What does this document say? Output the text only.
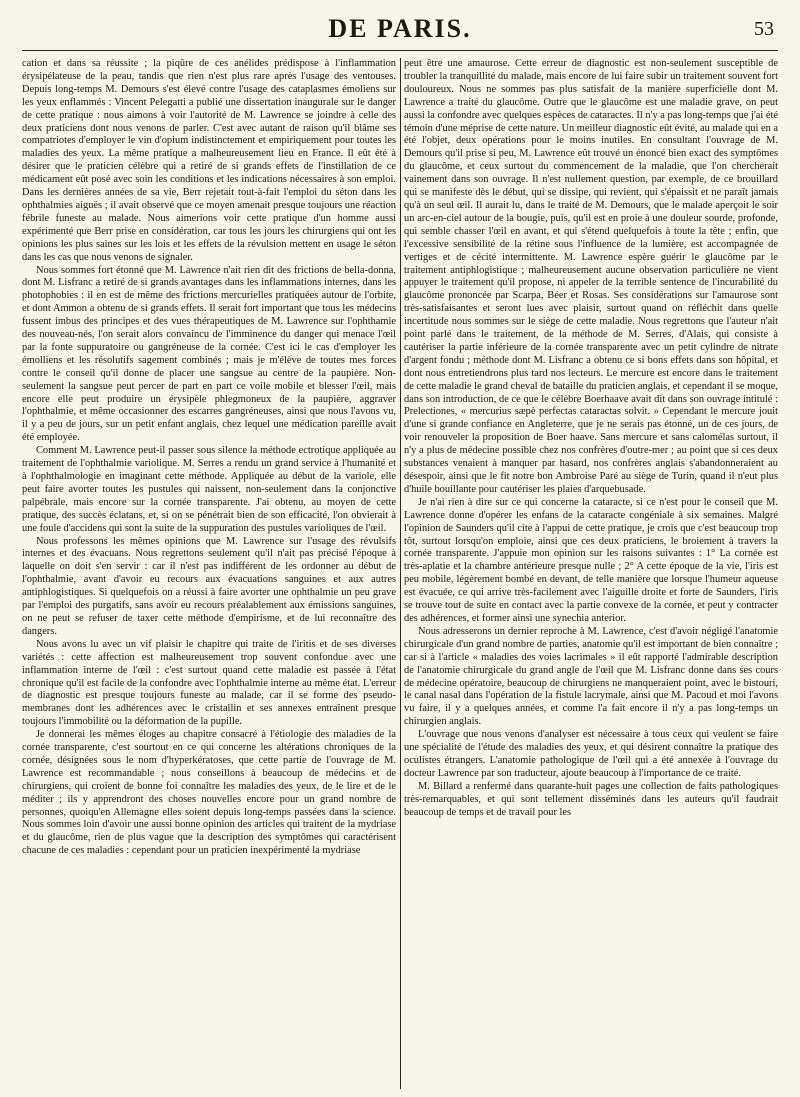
DE PARIS.	53

cation et dans sa réussite ; la piqûre de ces anélides prédispose à l'inflammation érysipélateuse de la peau, tandis que rien n'est plus rare après l'usage des ventouses. Depuis long-temps M. Demours s'est élevé contre l'usage des cataplasmes émoliens sur les yeux enflammés : Vincent Pelegatti a publié une dissertation inaugurale sur le danger de cette pratique : nous aimons à voir l'autorité de M. Lawrence se joindre à celle des deux praticiens dont nous venons de parler. C'est avec autant de raison qu'il blâme ses compatriotes d'employer le vin d'opium indistinctement et empiriquement pour toutes les maladies des yeux. La même pratique a malheureusement lieu en France. Il eût été à désirer que le praticien célèbre qui a retiré de si grands effets de l'instillation de ce médicament eût posé avec soin les conditions et les indications nécessaires à son emploi. Dans les dernières années de sa vie, Berr rejetait tout-à-fait l'emploi du séton dans les ophthalmies aiguës ; il avait observé que ce moyen amenait presque toujours une réaction fébrile funeste au malade. Nous aimerions voir cette pratique d'un homme aussi expérimenté que Berr prise en considération, car tous les jours les chirurgiens qui ont les opinions les plus saines sur les lois et les effets de la révulsion mettent en usage le séton dans les cas que nous venons de signaler.

Nous sommes fort étonné que M. Lawrence n'ait rien dit des frictions de bella-donna, dont M. Lisfranc a retiré de si grands avantages dans les inflammations internes, dans les photophobies : il en est de même des frictions mercurielles pratiquées autour de l'orbite, et dont Ammon a obtenu de si grands effets. Il serait fort important que tous les médecins fussent imbus des principes et des vues thérapeutiques de M. Lawrence sur l'ophthamie des nouveau-nés, l'on serait alors convaincu de l'imminence du danger qui menace l'œil par la fonte suppuratoire ou gangréneuse de la cornée. C'est ici le cas d'employer les émolliens et les résolutifs sagement combinés ; mais je m'élève de toutes mes forces contre le conseil qu'il donne de placer une sangsue au centre de la paupière. Non-seulement la sangsue peut percer de part en part ce voile mobile et blesser l'œil, mais encore elle peut produire un érysipèle phlegmoneux de la paupière, aggraver l'ophthalmie, et même occasionner des escarres gangréneuses, ainsi que nous l'avons vu, il y a peu de jours, sur un petit enfant anglais, chez lequel une médication pareille avait été employée.

Comment M. Lawrence peut-il passer sous silence la méthode ectrotique appliquée au traitement de l'ophthalmie variolique. M. Serres a rendu un grand service à l'humanité et à l'ophthalmologie en imaginant cette méthode. Appliquée au début de la variole, elle peut faire avorter toutes les pustules qui naissent, non-seulement dans la conjonctive palpébrale, mais encore sur la cornée transparente. J'ai obtenu, au moyen de cette pratique, des succès éclatans, et, si on se pénétrait bien de son efficacité, l'on obvierait à une foule d'accidens qui sont la suite de la suppuration des pustules varioliques de l'œil.

Nous professons les mêmes opinions que M. Lawrence sur l'usage des révulsifs internes et des évacuans. Nous regrettons seulement qu'il n'ait pas précisé l'époque à laquelle on doit s'en servir : car il n'est pas indifférent de les ordonner au début de l'ophthalmie, avant d'avoir eu recours aux évacuations sanguines et aux autres antiphlogistiques. Si quelquefois on a réussi à faire avorter une ophthalmie un peu grave par l'emploi des purgatifs, sans avoir eu recours préalablement aux émissions sanguines, on ne peut se refuser de taxer cette méthode d'empirisme, et de lui reconnaître des dangers.

Nous avons lu avec un vif plaisir le chapitre qui traite de l'iritis et de ses diverses variétés : cette affection est malheureusement trop souvent confondue avec une inflammation interne de l'œil : c'est surtout quand cette maladie est passée à l'état chronique qu'il est facile de la confondre avec l'ophthalmie interne au même état. L'erreur de diagnostic est presque toujours funeste au malade, car il se forme des pseudo-membranes dont les adhérences avec le cristallin et ses annexes entraînent presque toujours l'immobilité ou la déformation de la pupille.

Je donnerai les mêmes éloges au chapitre consacré à l'étiologie des maladies de la cornée transparente, c'est sourtout en ce qui concerne les altérations chroniques de la cornée, désignées sous le nom d'hyperkératoses, que cette partie de l'ouvrage de M. Lawrence est recommandable ; nous conseillons à beaucoup de médecins et de chirurgiens, qui croient de bonne foi connaître les maladies des yeux, de le lire et de le méditer ; ils y apprendront des choses nouvelles encore pour un grand nombre de personnes, quoiqu'en Allemagne elles soient depuis long-temps passées dans la science. Nous sommes loin d'avoir une aussi bonne opinion des articles qui traitent de la mydriase et du glaucôme, rien de plus vague que la description des symptômes qui caractérisent chacune de ces maladies : cependant pour un praticien inexpérimenté la mydriase

peut être une amaurose. Cette erreur de diagnostic est non-seulement susceptible de troubler la tranquillité du malade, mais encore de lui faire subir un traitement souvent fort douloureux. Nous ne sommes pas plus satisfait de la manière superficielle dont M. Lawrence a traité du glaucôme. Outre que le glaucôme est une maladie grave, on peut aussi la confondre avec quelques espèces de cataractes. Il n'y a pas long-temps que j'ai été témoin d'une méprise de cette nature. Un meilleur diagnostic eût évité, au malade qui en a été l'objet, deux opérations pour le moins inutiles. En consultant l'ouvrage de M. Demours qu'il prise si peu, M. Lawrence eût trouvé un énoncé bien exact des symptômes du glaucôme, et ceux surtout du commencement de la maladie, que l'on chercherait vainement dans son ouvrage. Il n'est nullement question, par exemple, de ce brouillard qui se manifeste dès le début, qui se dissipe, qui revient, qui s'épaissit et ne paraît jamais qu'à un seul œil. Il aurait lu, dans le traité de M. Demours, que le malade aperçoit le soir un arc-en-ciel autour de la bougie, puis, qu'il est en proie à une douleur sourde, profonde, qui semble chasser l'œil en avant, et qui s'étend quelquefois à toute la tête ; enfin, que l'excessive sensibilité de la rétine sous l'influence de la lumière, est accompagnée de vertiges et de cécité intermittente. M. Lawrence espère guérir le glaucôme par le traitement antiphlogistique ; malheureusement aucune observation particulière ne vient appuyer le traitement qu'il propose, ni appeler de la terrible sentence de l'incurabilité du glaucôme prononcée par Scarpa, Béer et Rosas. Ses considérations sur l'amaurose sont très-satisfaisantes et seront lues avec plaisir, surtout quand on réfléchit dans quelle incertitude nous sommes sur le siège de cette maladie. Nous regrettons que l'auteur n'ait point parlé dans le traitement, de la méthode de M. Serres, d'Alais, qui consiste à cautériser la partie inférieure de la cornée transparente avec un petit cylindre de nitrate d'argent fondu ; méthode dont M. Lisfranc a obtenu ce si bons effets dans son hôpital, et dont nous entretiendrons plus tard nos lecteurs. Le mercure est encore dans le traitement de cette maladie le grand cheval de bataille du praticien anglais, et cependant il se moque, dans son introduction, de ce que le célèbre Boerhaave avait dit dans son ouvrage intitulé : Prelectiones, « mercurius sæpè perfectas cataractas solvit. » Cependant le mercure jouit d'une si grande confiance en Angleterre, que je ne serais pas étonné, un de ces jours, de voir renouveler la proposition de Boer haave. Sans mercure et sans calomélas surtout, il n'y a plus de médecine possible chez nos confrères d'outre-mer ; au point que si ces deux substances venaient à manquer par hasard, nos confrères anglais s'abandonneraient au désespoir, ainsi que le fit notre bon Ambroise Paré au siège de Turin, quand il n'eut plus d'huile bouillante pour cautériser les plaies d'arquebusade.

Je n'ai rien à dire sur ce qui concerne la cataracte, si ce n'est pour le conseil que M. Lawrence donne d'opérer les enfans de la cataracte congéniale à six semaines. Malgré l'opinion de Saunders qu'il cite à l'appui de cette pratique, je crois que c'est beaucoup trop tôt, surtout lorsqu'on emploie, ainsi que ces deux praticiens, le broiement à travers la cornée transparente. J'appuie mon opinion sur les raisons suivantes : 1° La cornée est très-aplatie et la chambre antérieure presque nulle ; 2° A cette époque de la vie, l'iris est peu mobile, légèrement bombé en devant, de telle manière que lorsque l'humeur aqueuse est évacuée, ce qui arrive très-facilement avec l'aiguille droite et forte de Saunders, l'iris se trouve tout de suite en contact avec la partie convexe de la cornée, et peut y contracter des adhérences, et former ainsi une synechia anterior.

Nous adresserons un dernier reproche à M. Lawrence, c'est d'avoir négligé l'anatomie chirurgicale d'un grand nombre de parties, anatomie qu'il est important de bien connaître ; car si à l'article « maladies des voies lacrimales » il eût rapporté l'admirable description de l'anatomie chirurgicale du grand angle de l'œil que M. Lisfranc donne dans ses cours de médecine opératoire, beaucoup de chirurgiens ne manqueraient point, avec le bistouri, le canal nasal dans l'opération de la fistule lacrymale, ainsi que M. Pacoud et moi l'avons vu faire, il y a quelques années, et comme l'a fait encore il n'y a pas long-temps un chirurgien anglais.

L'ouvrage que nous venons d'analyser est nécessaire à tous ceux qui veulent se faire une spécialité de l'étude des maladies des yeux, et qui désirent connaître la pratique des oculistes étrangers. L'anatomie pathologique de l'œil qui a été annexée à l'ouvrage du docteur Lawrence par son traducteur, ajoute beaucoup à l'importance de ce traité.

M. Billard a renfermé dans quarante-huit pages une collection de faits pathologiques très-remarquables, et qui sont tellement disséminés dans les auteurs qu'il faudrait beaucoup de temps et de travail pour les
